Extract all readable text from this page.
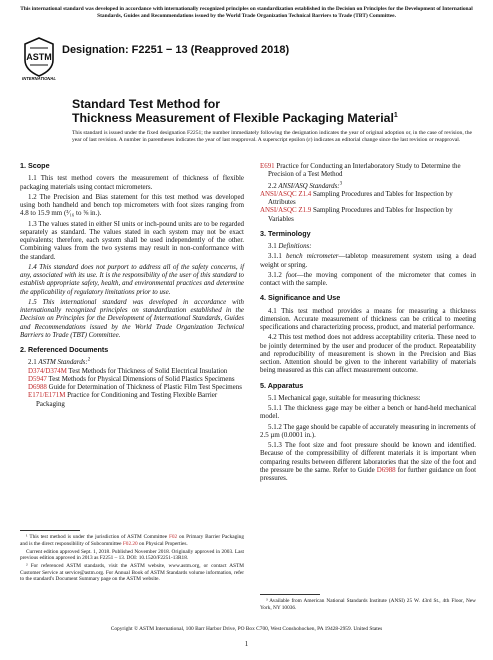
This international standard was developed in accordance with internationally recognized principles on standardization established in the Decision on Principles for the Development of International Standards, Guides and Recommendations issued by the World Trade Organization Technical Barriers to Trade (TBT) Committee.
ASTM
INTERNATIONAL
Designation: F2251 − 13 (Reapproved 2018)
Standard Test Method for
Thickness Measurement of Flexible Packaging Material$^1$
This standard is issued under the fixed designation F2251; the number immediately following the designation indicates the year of original adoption or, in the case of revision, the year of last revision. A number in parentheses indicates the year of last reapproval. A superscript epsilon (ε) indicates an editorial change since the last revision or reapproval.
1. Scope
1.1 This test method covers the measurement of thickness of flexible packaging materials using contact micrometers.
1.2 The Precision and Bias statement for this test method was developed using both handheld and bench top micrometers with foot sizes ranging from 4.8 to 15.9 mm (³⁄₁₆ to ⅝ in.).
1.3 The values stated in either SI units or inch-pound units are to be regarded separately as standard. The values stated in each system may not be exact equivalents; therefore, each system shall be used independently of the other. Combining values from the two systems may result in non-conformance with the standard.
1.4 This standard does not purport to address all of the safety concerns, if any, associated with its use. It is the responsibility of the user of this standard to establish appropriate safety, health, and environmental practices and determine the applicability of regulatory limitations prior to use.
1.5 This international standard was developed in accordance with internationally recognized principles on standardization established in the Decision on Principles for the Development of International Standards, Guides and Recommendations issued by the World Trade Organization Technical Barriers to Trade (TBT) Committee.
2. Referenced Documents
2.1 ASTM Standards:$^2$
D374/D374M Test Methods for Thickness of Solid Electrical Insulation
D5947 Test Methods for Physical Dimensions of Solid Plastics Specimens
D6988 Guide for Determination of Thickness of Plastic Film Test Specimens
E171/E171M Practice for Conditioning and Testing Flexible Barrier Packaging

¹ This test method is under the jurisdiction of ASTM Committee F02 on Primary Barrier Packaging and is the direct responsibility of Subcommittee F02.20 on Physical Properties.

Current edition approved Sept. 1, 2018. Published November 2018. Originally approved in 2003. Last previous edition approved in 2013 as F2251 – 13. DOI: 10.1520/F2251-13R18.

² For referenced ASTM standards, visit the ASTM website, www.astm.org, or contact ASTM Customer Service at service@astm.org. For Annual Book of ASTM Standards volume information, refer to the standard's Document Summary page on the ASTM website.

E691 Practice for Conducting an Interlaboratory Study to Determine the Precision of a Test Method
2.2 ANSI/ASQ Standards:$^3$
ANSI/ASQC Z1.4 Sampling Procedures and Tables for Inspection by Attributes
ANSI/ASQC Z1.9 Sampling Procedures and Tables for Inspection by Variables
3. Terminology
3.1 Definitions:
3.1.1 bench micrometer—tabletop measurement system using a dead weight or spring.
3.1.2 foot—the moving component of the micrometer that comes in contact with the sample.
4. Significance and Use
4.1 This test method provides a means for measuring a thickness dimension. Accurate measurement of thickness can be critical to meeting specifications and characterizing process, product, and material performance.
4.2 This test method does not address acceptability criteria. These need to be jointly determined by the user and producer of the product. Repeatability and reproducibility of measurement is shown in the Precision and Bias section. Attention should be given to the inherent variability of materials being measured as this can affect measurement outcome.
5. Apparatus
5.1 Mechanical gage, suitable for measuring thickness:
5.1.1 The thickness gage may be either a bench or hand-held mechanical model.
5.1.2 The gage should be capable of accurately measuring in increments of 2.5 µm (0.0001 in.).
5.1.3 The foot size and foot pressure should be known and identified. Because of the compressibility of different materials it is important when comparing results between different laboratories that the size of the foot and the pressure be the same. Refer to Guide D6988 for further guidance on foot pressures.

³ Available from American National Standards Institute (ANSI) 25 W. 43rd St., 4th Floor, New York, NY 10036.

Copyright © ASTM International, 100 Barr Harbor Drive, PO Box C700, West Conshohocken, PA 19428-2959. United States
1
